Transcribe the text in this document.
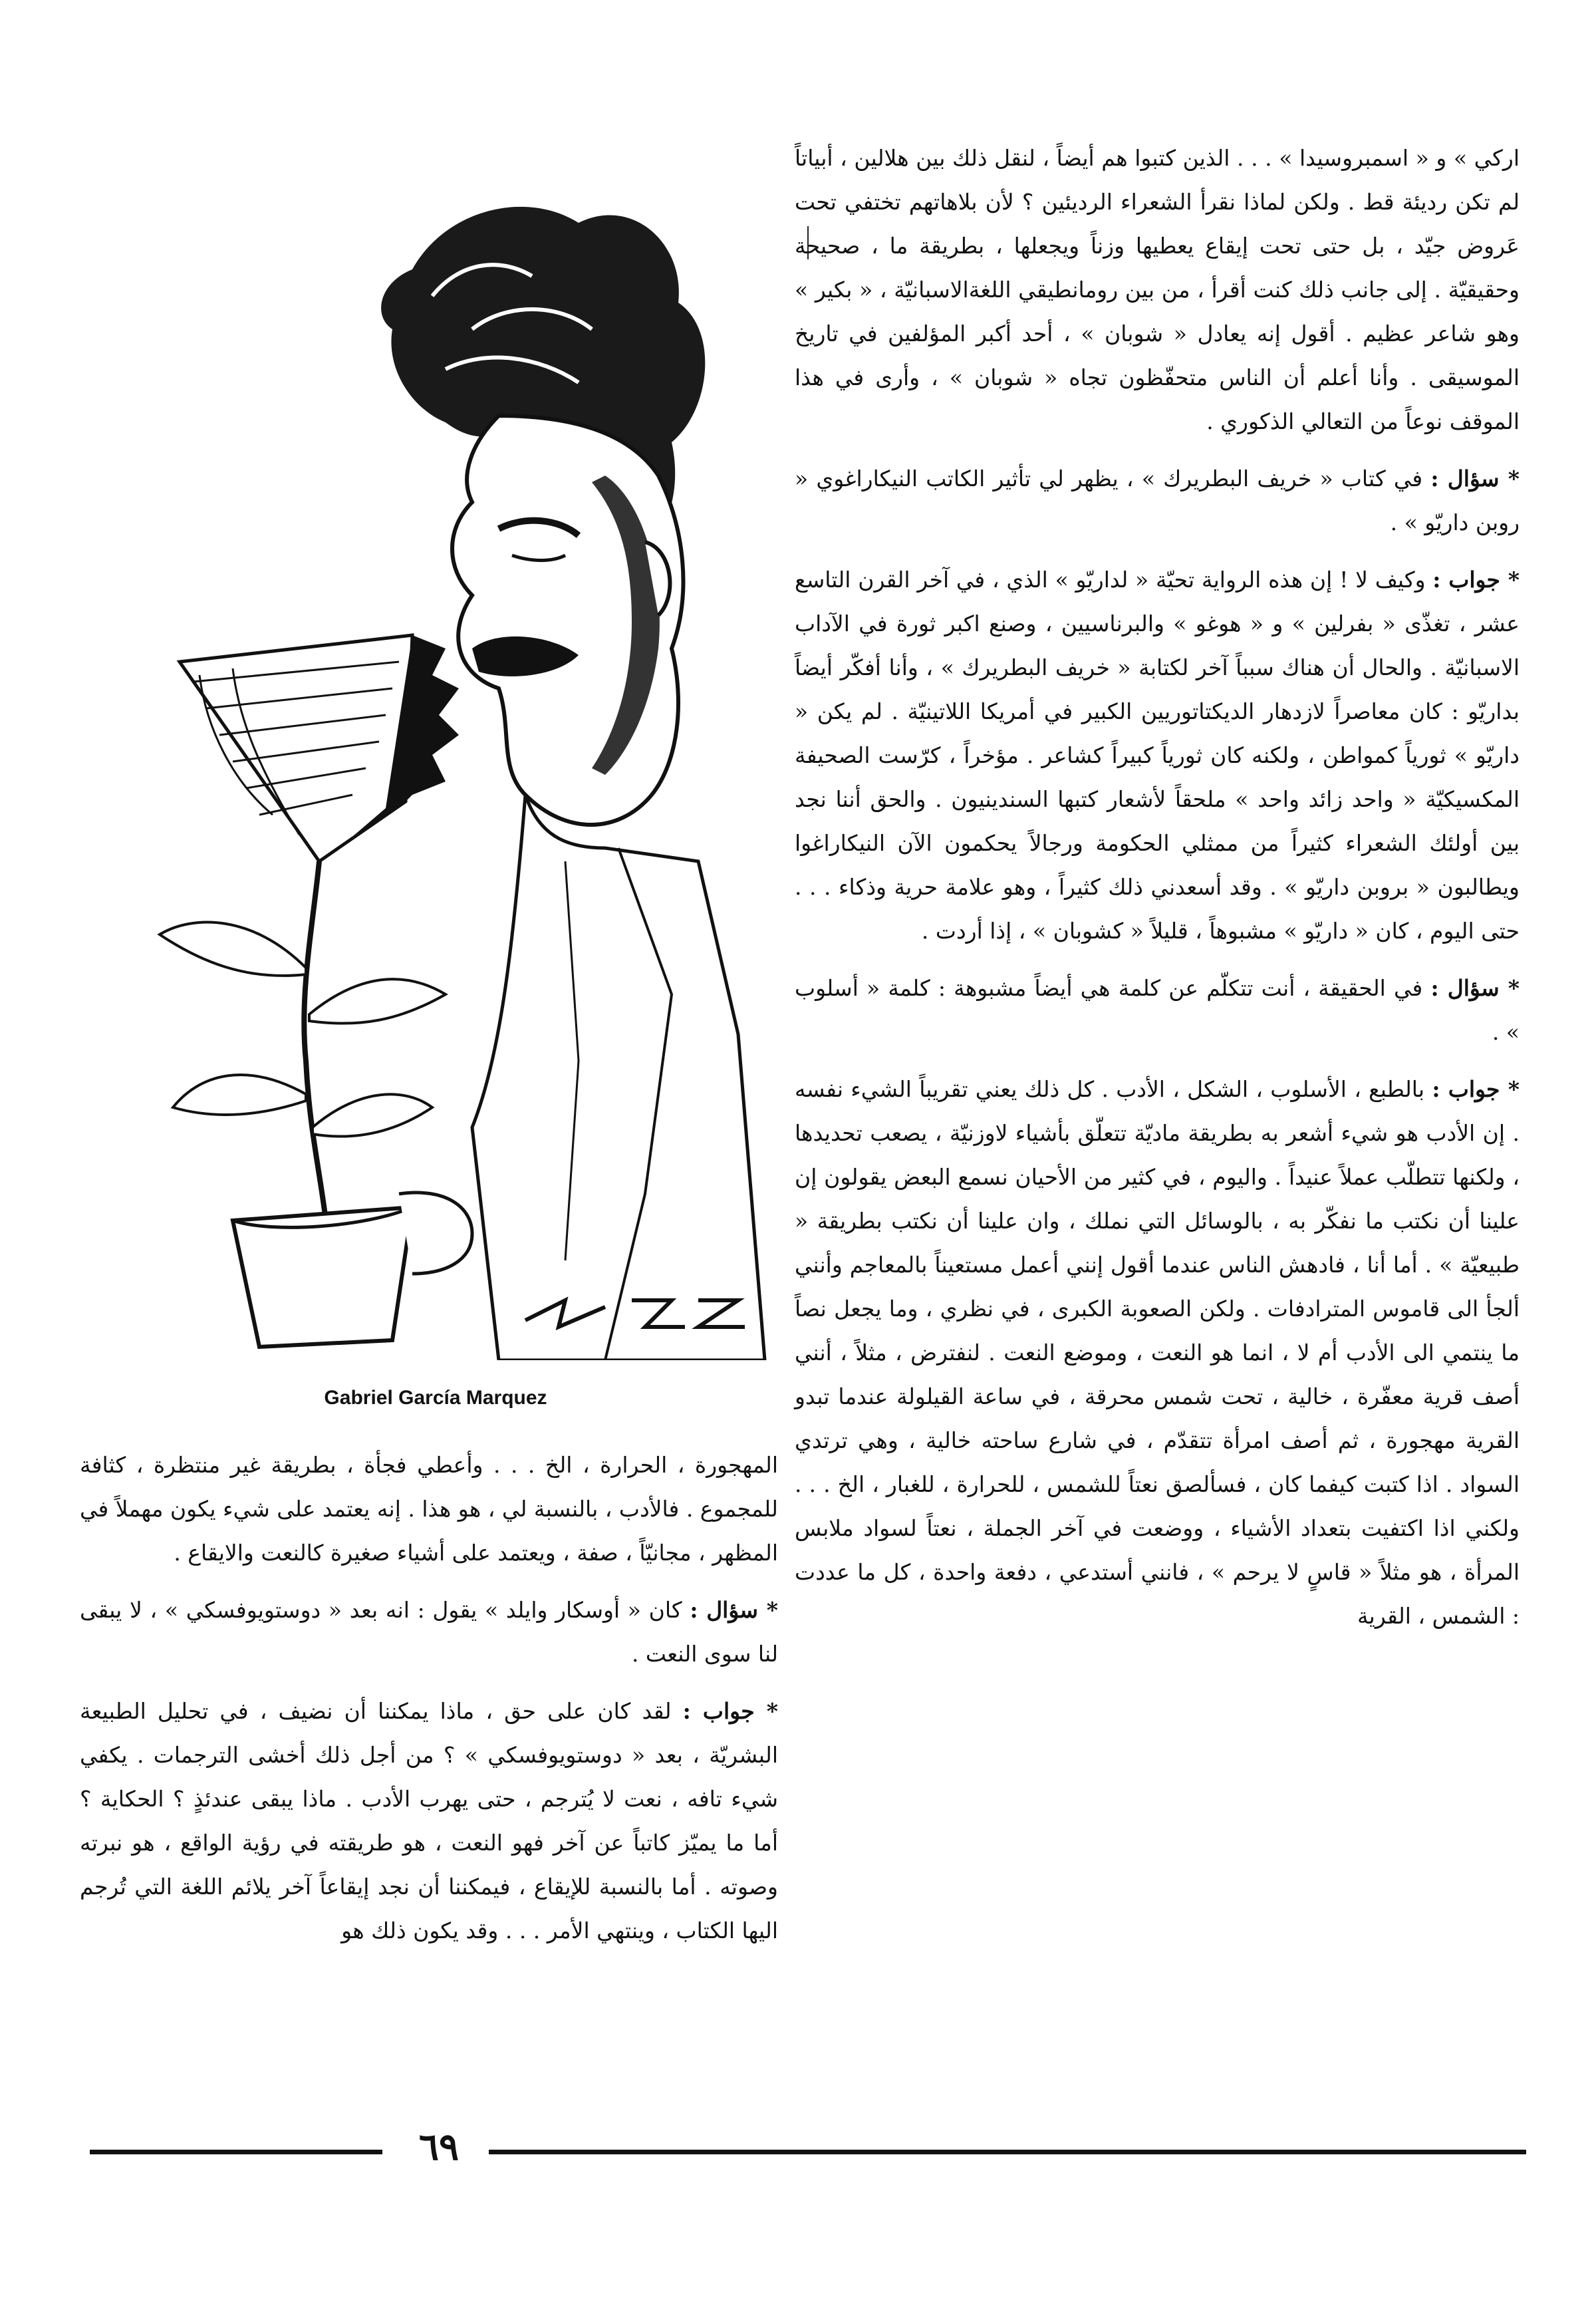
Gabriel García Marquez

اركي » و « اسمبروسيدا » . . . الذين كتبوا هم أيضاً ، لنقل ذلك بين هلالين ، أبياتاً لم تكن رديئة قط . ولكن لماذا نقرأ الشعراء الرديئين ؟ لأن بلاهاتهم تختفي تحت عَروض جيّد ، بل حتى تحت إيقاع يعطيها وزناً ويجعلها ، بطريقة ما ، صحيحة وحقيقيّة . إلى جانب ذلك كنت أقرأ ، من بين رومانطيقي اللغةالاسبانيّة ، « بكير » وهو شاعر عظيم . أقول إنه يعادل « شوبان » ، أحد أكبر المؤلفين في تاريخ الموسيقى . وأنا أعلم أن الناس متحفّظون تجاه « شوبان » ، وأرى في هذا الموقف نوعاً من التعالي الذكوري .

* سؤال : في كتاب « خريف البطريرك » ، يظهر لي تأثير الكاتب النيكاراغوي « روبن داريّو » .

* جواب : وكيف لا ! إن هذه الرواية تحيّة « لداريّو » الذي ، في آخر القرن التاسع عشر ، تغذّى « بفرلين » و « هوغو » والبرناسيين ، وصنع اكبر ثورة في الآداب الاسبانيّة . والحال أن هناك سبباً آخر لكتابة « خريف البطريرك » ، وأنا أفكّر أيضاً بداريّو : كان معاصراً لازدهار الديكتاتوريين الكبير في أمريكا اللاتينيّة . لم يكن « داريّو » ثورياً كمواطن ، ولكنه كان ثورياً كبيراً كشاعر . مؤخراً ، كرّست الصحيفة المكسيكيّة « واحد زائد واحد » ملحقاً لأشعار كتبها السندينيون . والحق أننا نجد بين أولئك الشعراء كثيراً من ممثلي الحكومة ورجالاً يحكمون الآن النيكاراغوا ويطالبون « بروبن داريّو » . وقد أسعدني ذلك كثيراً ، وهو علامة حرية وذكاء . . . حتى اليوم ، كان « داريّو » مشبوهاً ، قليلاً « كشوبان » ، إذا أردت .

* سؤال : في الحقيقة ، أنت تتكلّم عن كلمة هي أيضاً مشبوهة : كلمة « أسلوب » .

* جواب : بالطبع ، الأسلوب ، الشكل ، الأدب . كل ذلك يعني تقريباً الشيء نفسه . إن الأدب هو شيء أشعر به بطريقة ماديّة تتعلّق بأشياء لاوزنيّة ، يصعب تحديدها ، ولكنها تتطلّب عملاً عنيداً . واليوم ، في كثير من الأحيان نسمع البعض يقولون إن علينا أن نكتب ما نفكّر به ، بالوسائل التي نملك ، وان علينا أن نكتب بطريقة « طبيعيّة » . أما أنا ، فادهش الناس عندما أقول إنني أعمل مستعيناً بالمعاجم وأنني ألجأ الى قاموس المترادفات . ولكن الصعوبة الكبرى ، في نظري ، وما يجعل نصاً ما ينتمي الى الأدب أم لا ، انما هو النعت ، وموضع النعت . لنفترض ، مثلاً ، أنني أصف قرية معفّرة ، خالية ، تحت شمس محرقة ، في ساعة القيلولة عندما تبدو القرية مهجورة ، ثم أصف امرأة تتقدّم ، في شارع ساحته خالية ، وهي ترتدي السواد . اذا كتبت كيفما كان ، فسألصق نعتاً للشمس ، للحرارة ، للغبار ، الخ . . . ولكني اذا اكتفيت بتعداد الأشياء ، ووضعت في آخر الجملة ، نعتاً لسواد ملابس المرأة ، هو مثلاً « قاسٍ لا يرحم » ، فانني أستدعي ، دفعة واحدة ، كل ما عددت : الشمس ، القرية

المهجورة ، الحرارة ، الخ . . . وأعطي فجأة ، بطريقة غير منتظرة ، كثافة للمجموع . فالأدب ، بالنسبة لي ، هو هذا . إنه يعتمد على شيء يكون مهملاً في المظهر ، مجانيّاً ، صفة ، ويعتمد على أشياء صغيرة كالنعت والايقاع .

* سؤال : كان « أوسكار وايلد » يقول : انه بعد « دوستويوفسكي » ، لا يبقى لنا سوى النعت .

* جواب : لقد كان على حق ، ماذا يمكننا أن نضيف ، في تحليل الطبيعة البشريّة ، بعد « دوستويوفسكي » ؟ من أجل ذلك أخشى الترجمات . يكفي شيء تافه ، نعت لا يُترجم ، حتى يهرب الأدب . ماذا يبقى عندئذٍ ؟ الحكاية ؟ أما ما يميّز كاتباً عن آخر فهو النعت ، هو طريقته في رؤية الواقع ، هو نبرته وصوته . أما بالنسبة للإيقاع ، فيمكننا أن نجد إيقاعاً آخر يلائم اللغة التي تُرجم اليها الكتاب ، وينتهي الأمر . . . وقد يكون ذلك هو

٦٩
